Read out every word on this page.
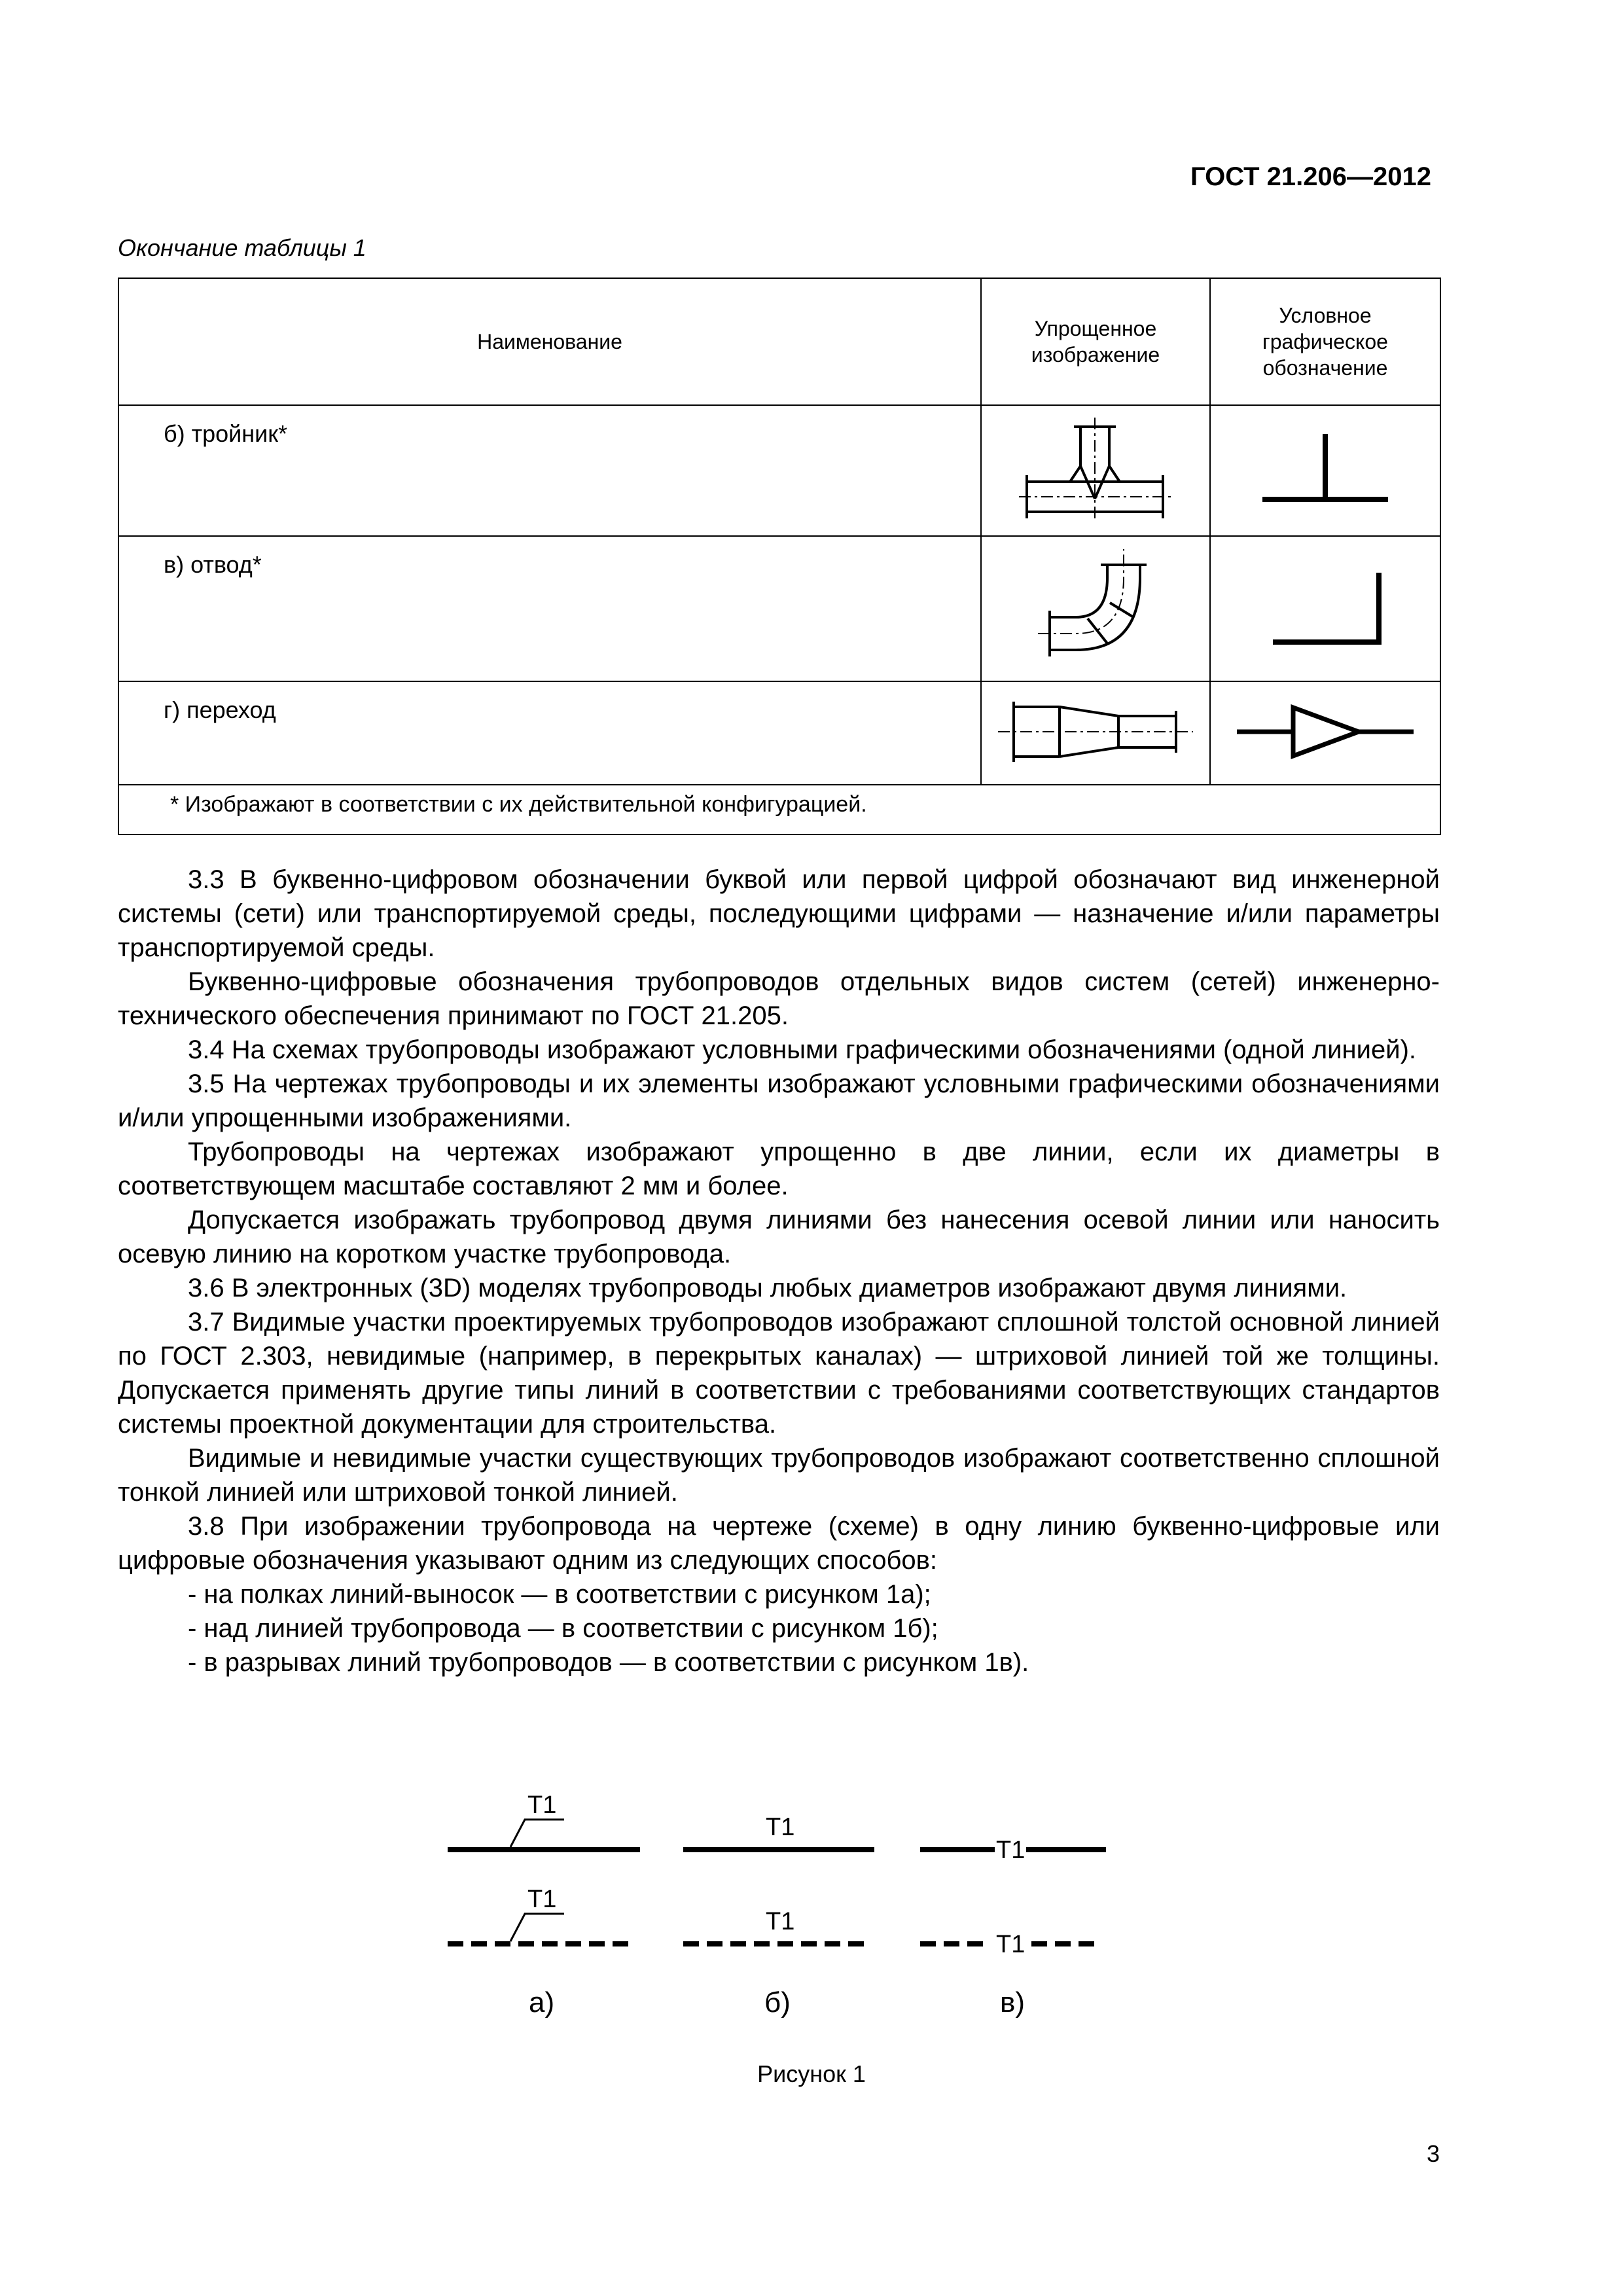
ГОСТ 21.206—2012
Окончание таблицы 1
Наименование	Упрощенное изображение	Условное графическое обозначение

б) тройник*		
в) отвод*		
г) переход		
* Изображают в соответствии с их действительной конфигурацией.		

3.3 В буквенно-цифровом обозначении буквой или первой цифрой обозначают вид инженерной системы (сети) или транспортируемой среды, последующими цифрами — назначение и/или параметры транспортируемой среды.

Буквенно-цифровые обозначения трубопроводов отдельных видов систем (сетей) инженерно-технического обеспечения принимают по ГОСТ 21.205.

3.4 На схемах трубопроводы изображают условными графическими обозначениями (одной линией).

3.5 На чертежах трубопроводы и их элементы изображают условными графическими обозначениями и/или упрощенными изображениями.

Трубопроводы на чертежах изображают упрощенно в две линии, если их диаметры в соответствующем масштабе составляют 2 мм и более.

Допускается изображать трубопровод двумя линиями без нанесения осевой линии или наносить осевую линию на коротком участке трубопровода.

3.6 В электронных (3D) моделях трубопроводы любых диаметров изображают двумя линиями.

3.7 Видимые участки проектируемых трубопроводов изображают сплошной толстой основной линией по ГОСТ 2.303, невидимые (например, в перекрытых каналах) — штриховой линией той же толщины. Допускается применять другие типы линий в соответствии с требованиями соответствующих стандартов системы проектной документации для строительства.

Видимые и невидимые участки существующих трубопроводов изображают соответственно сплошной тонкой линией или штриховой тонкой линией.

3.8 При изображении трубопровода на чертеже (схеме) в одну линию буквенно-цифровые или цифровые обозначения указывают одним из следующих способов:

- на полках линий-выносок — в соответствии с рисунком 1а);

- над линией трубопровода — в соответствии с рисунком 1б);

- в разрывах линий трубопроводов — в соответствии с рисунком 1в).

Т1
Т1
а)
Т1
Т1
б)
Т1
Т1
в)
Рисунок 1
3
